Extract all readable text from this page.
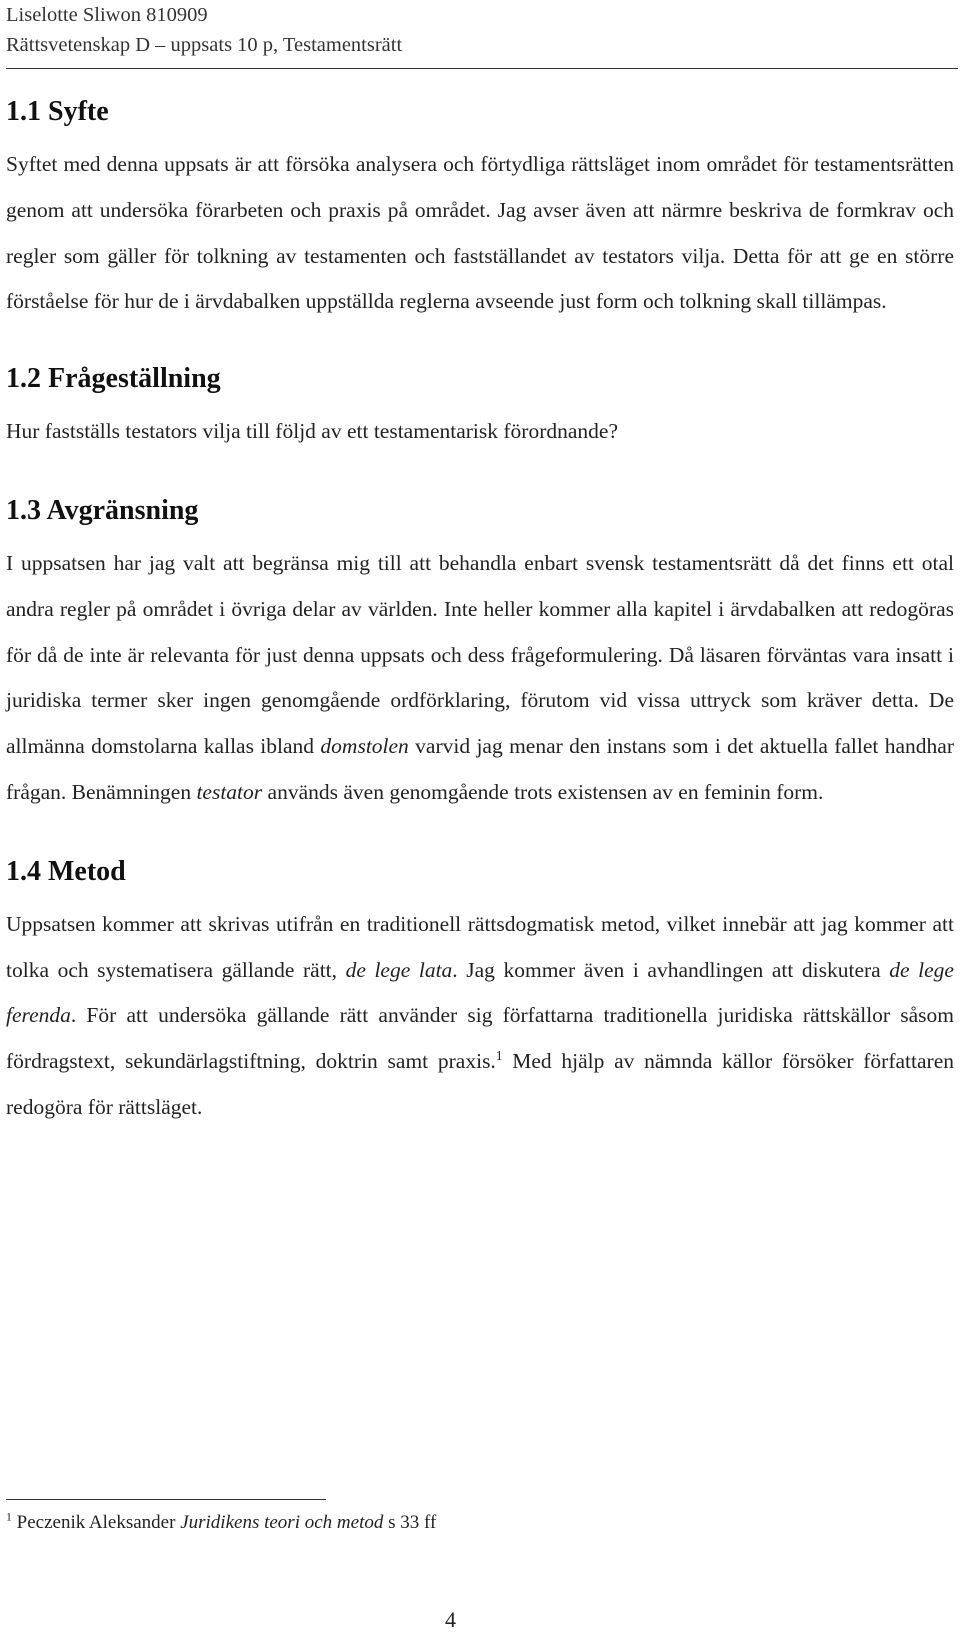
Liselotte Sliwon 810909
Rättsvetenskap D – uppsats 10 p, Testamentsrätt
1.1 Syfte

Syftet med denna uppsats är att försöka analysera och förtydliga rättsläget inom området för testamentsrätten genom att undersöka förarbeten och praxis på området. Jag avser även att närmre beskriva de formkrav och regler som gäller för tolkning av testamenten och fastställandet av testators vilja. Detta för att ge en större förståelse för hur de i ärvdabalken uppställda reglerna avseende just form och tolkning skall tillämpas.

1.2 Frågeställning

Hur fastställs testators vilja till följd av ett testamentarisk förordnande?

1.3 Avgränsning

I uppsatsen har jag valt att begränsa mig till att behandla enbart svensk testamentsrätt då det finns ett otal andra regler på området i övriga delar av världen. Inte heller kommer alla kapitel i ärvdabalken att redogöras för då de inte är relevanta för just denna uppsats och dess frågeformulering. Då läsaren förväntas vara insatt i juridiska termer sker ingen genomgående ordförklaring, förutom vid vissa uttryck som kräver detta. De allmänna domstolarna kallas ibland domstolen varvid jag menar den instans som i det aktuella fallet handhar frågan. Benämningen testator används även genomgående trots existensen av en feminin form.

1.4 Metod

Uppsatsen kommer att skrivas utifrån en traditionell rättsdogmatisk metod, vilket innebär att jag kommer att tolka och systematisera gällande rätt, de lege lata. Jag kommer även i avhandlingen att diskutera de lege ferenda. För att undersöka gällande rätt använder sig författarna traditionella juridiska rättskällor såsom fördragstext, sekundärlagstiftning, doktrin samt praxis.$^1$ Med hjälp av nämnda källor försöker författaren redogöra för rättsläget.

$^1$ Peczenik Aleksander Juridikens teori och metod s 33 ff
4
